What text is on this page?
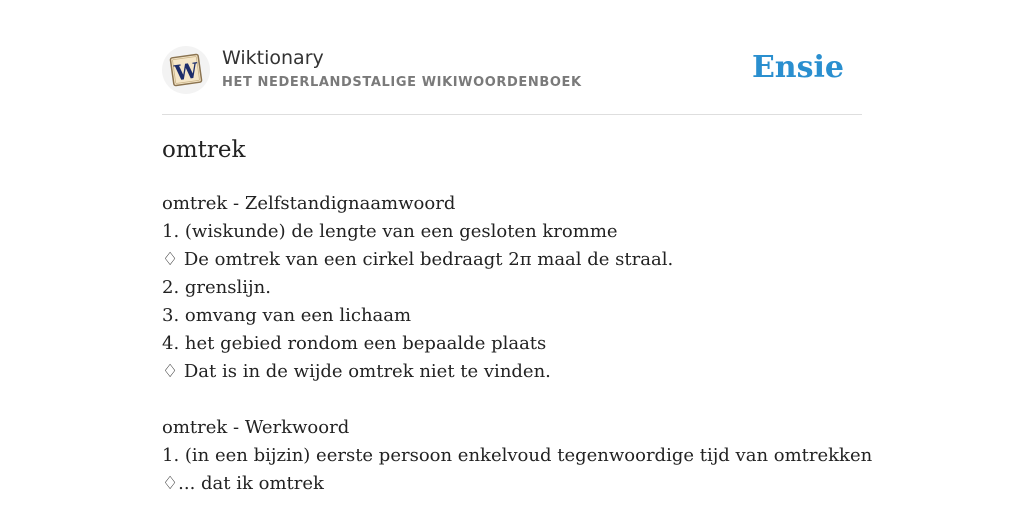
W Wiktionary
HET NEDERLANDSTALIGE WIKIWOORDENBOEK	Ensie
omtrek
omtrek - Zelfstandignaamwoord
1. (wiskunde) de lengte van een gesloten kromme
♢ De omtrek van een cirkel bedraagt 2π maal de straal.
2. grenslijn.
3. omvang van een lichaam
4. het gebied rondom een bepaalde plaats
♢ Dat is in de wijde omtrek niet te vinden.
omtrek - Werkwoord
1. (in een bijzin) eerste persoon enkelvoud tegenwoordige tijd van omtrekken
♢... dat ik omtrek
